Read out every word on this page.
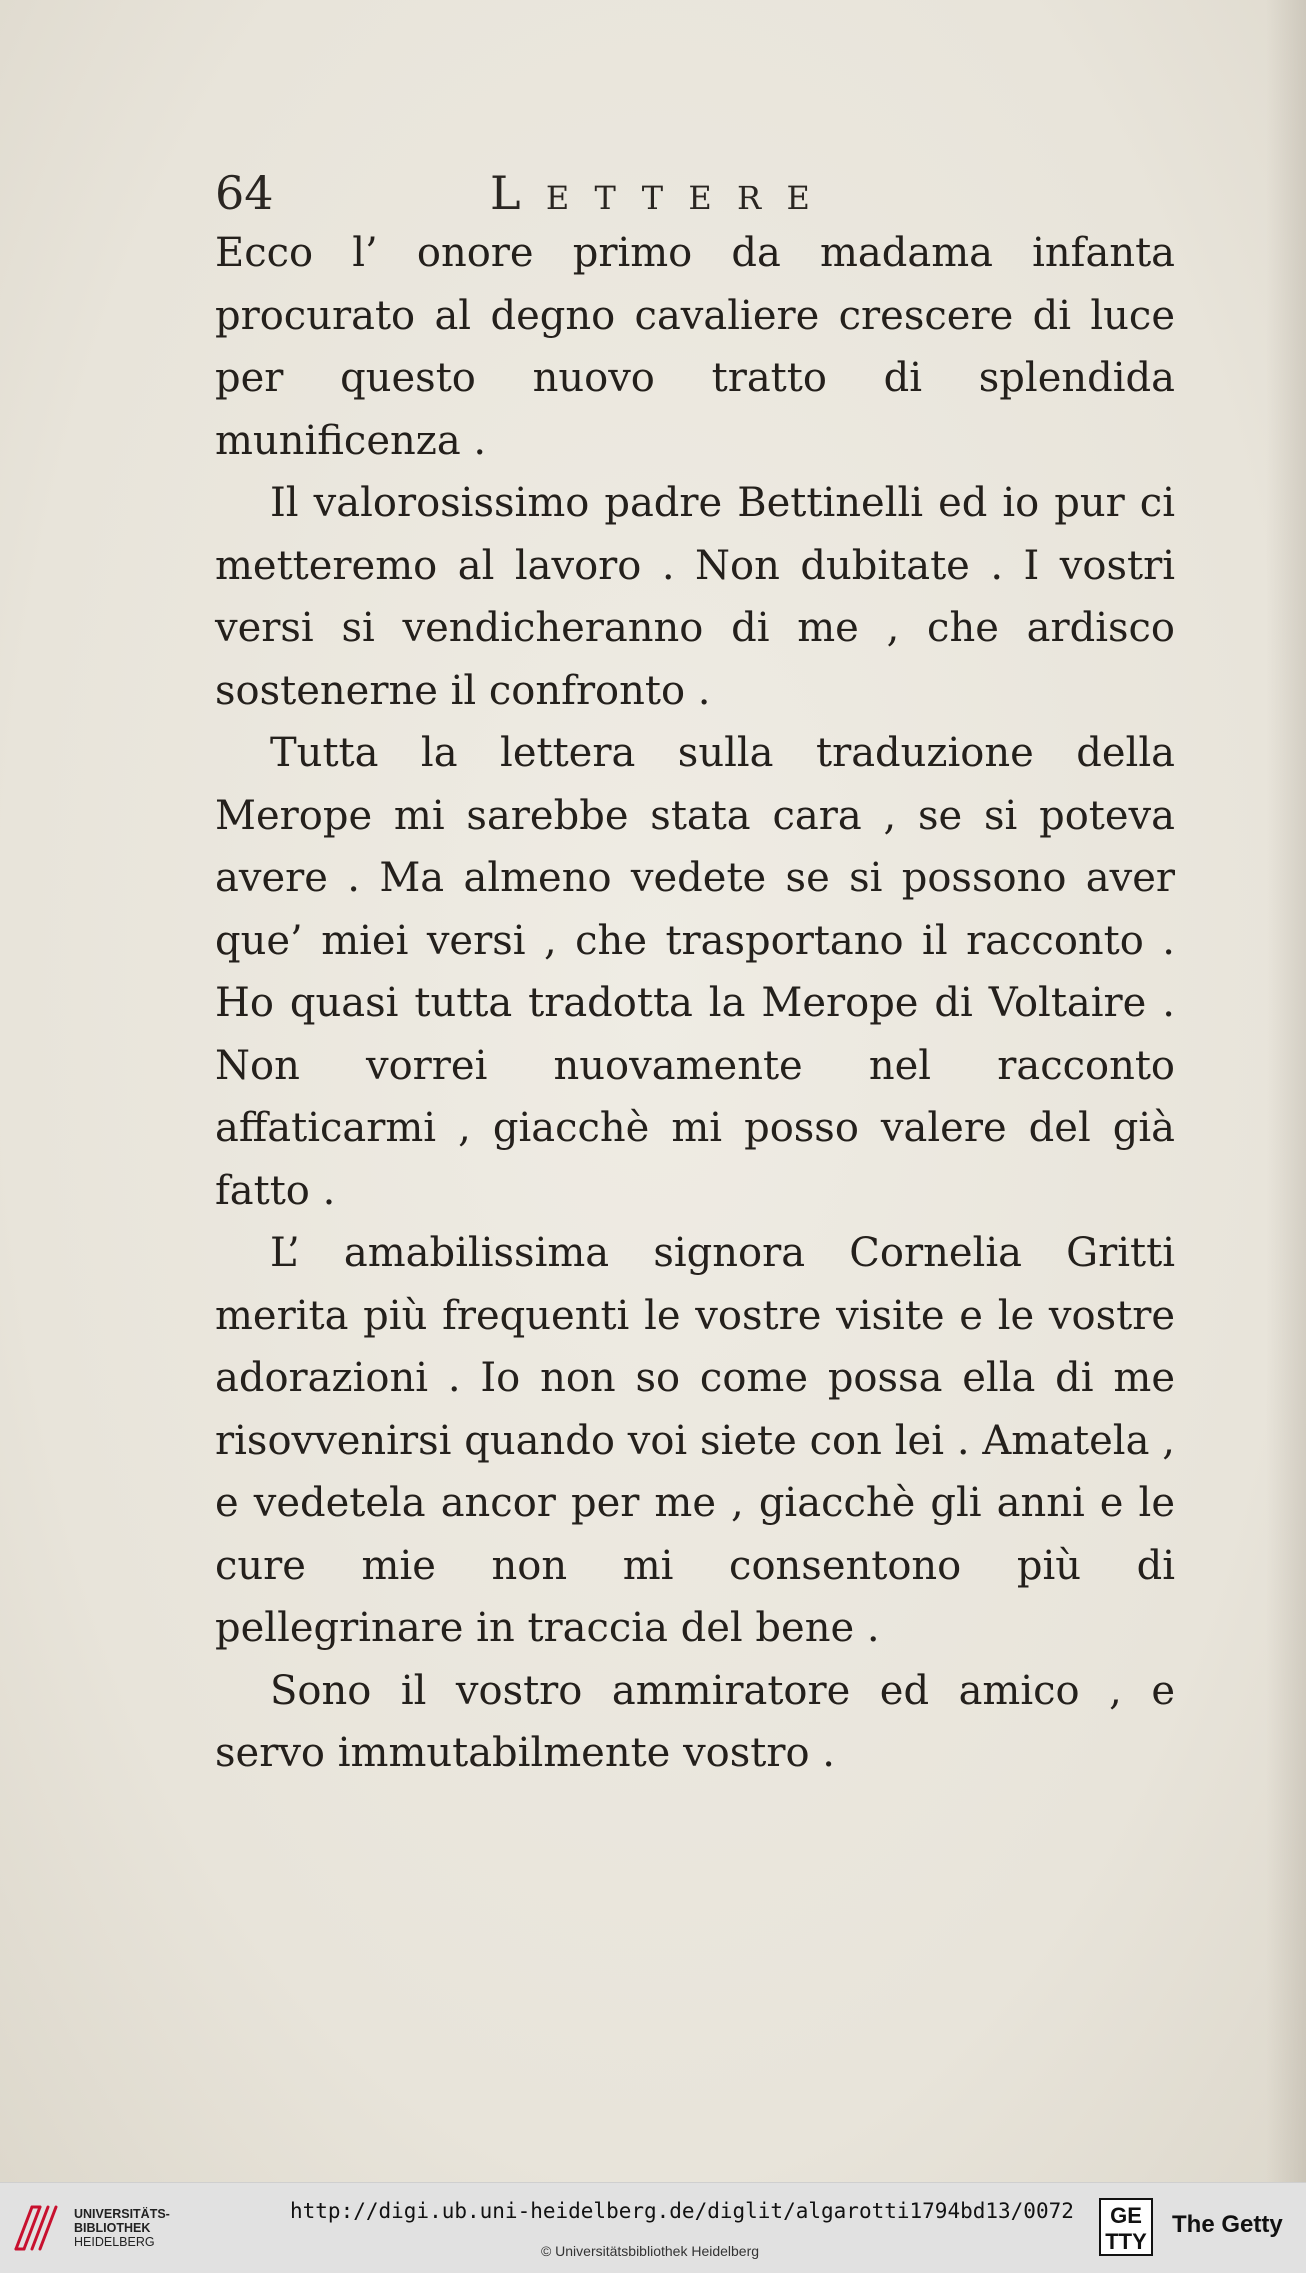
64	Lettere

Ecco l’ onore primo da madama infanta procurato al degno cavaliere crescere di luce per questo nuovo tratto di splendida munificenza .

Il valorosissimo padre Bettinelli ed io pur ci metteremo al lavoro . Non dubitate . I vostri versi si vendicheranno di me , che ardisco sostenerne il confronto .

Tutta la lettera sulla traduzione della Merope mi sarebbe stata cara , se si poteva avere . Ma almeno vedete se si possono aver que’ miei versi , che trasportano il racconto . Ho quasi tutta tradotta la Merope di Voltaire . Non vorrei nuovamente nel racconto affaticarmi , giacchè mi posso valere del già fatto .

L’ amabilissima signora Cornelia Gritti merita più frequenti le vostre visite e le vostre adorazioni . Io non so come possa ella di me risovvenirsi quando voi siete con lei . Amatela , e vedetela ancor per me , giacchè gli anni e le cure mie non mi consentono più di pellegrinare in traccia del bene .

Sono il vostro ammiratore ed amico , e servo immutabilmente vostro .

UNIVERSITÄTS-
BIBLIOTHEK
HEIDELBERG
http://digi.ub.uni-heidelberg.de/diglit/algarotti1794bd13/0072
© Universitätsbibliothek Heidelberg
GE
TTY
The Getty
